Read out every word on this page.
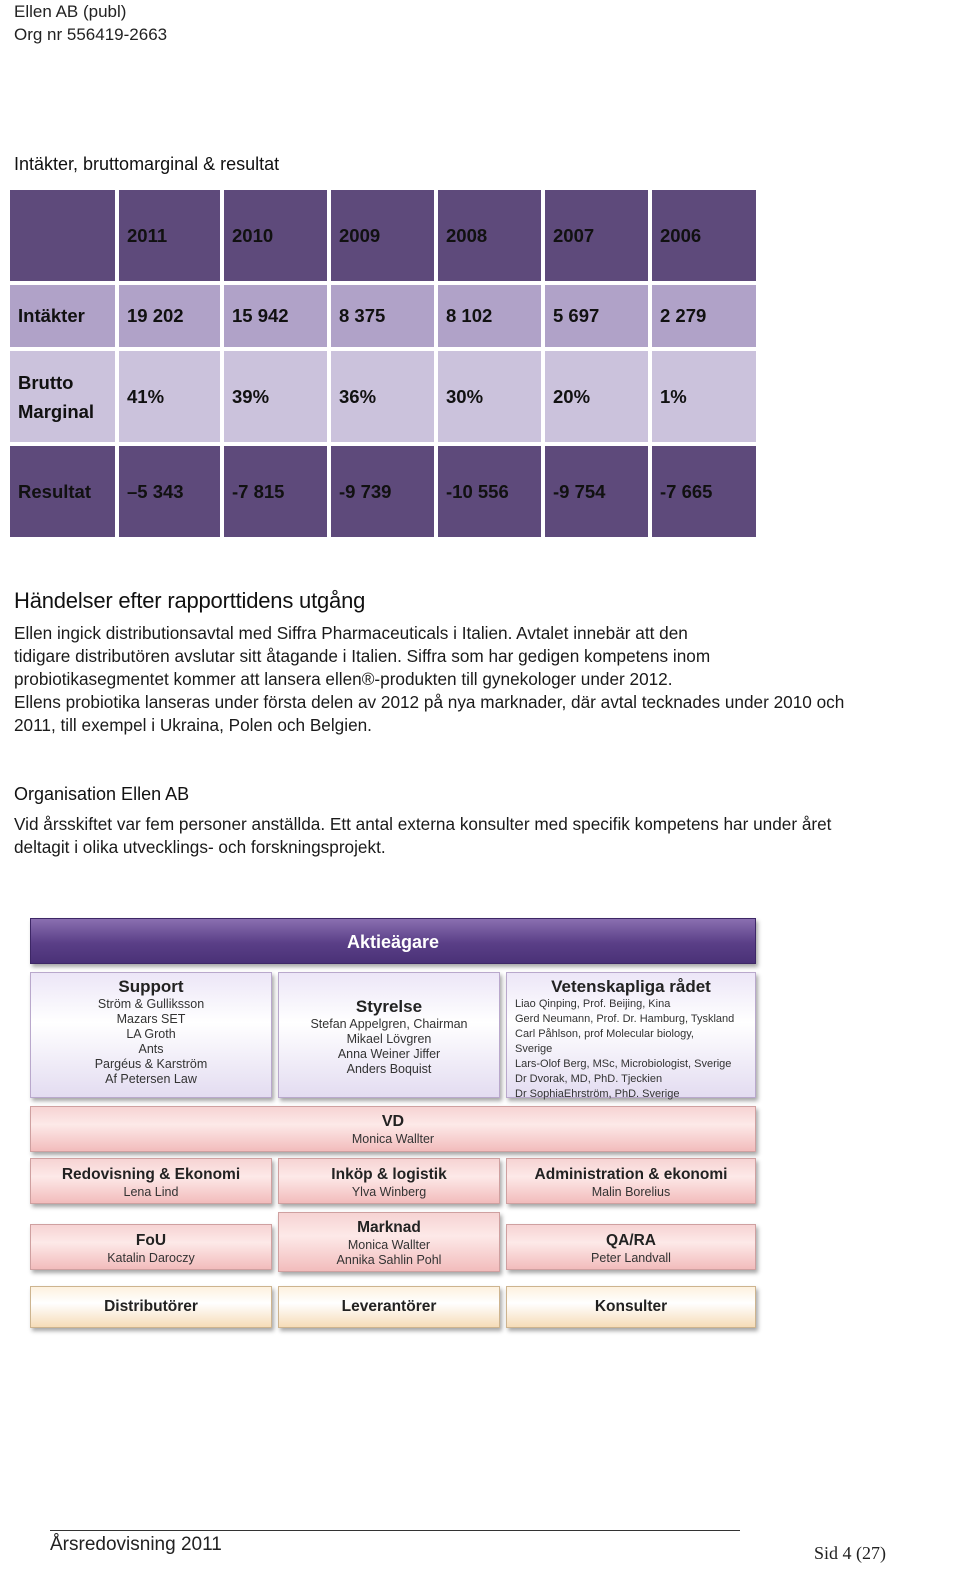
Ellen AB (publ)
Org nr 556419-2663
Intäkter, bruttomarginal & resultat
	2011	2010	2009	2008	2007	2006
Intäkter	19 202	15 942	8 375	8 102	5 697	2 279

Brutto
Marginal	41%	39%	36%	30%	20%	1%
Resultat	–5 343	-7 815	-9 739	-10 556	-9 754	-7 665
Händelser efter rapporttidens utgång
Ellen ingick distributionsavtal med Siffra Pharmaceuticals i Italien. Avtalet innebär att den
tidigare distributören avslutar sitt åtagande i Italien. Siffra som har gedigen kompetens inom
probiotikasegmentet kommer att lansera ellen®-produkten till gynekologer under 2012.
Ellens probiotika lanseras under första delen av 2012 på nya marknader, där avtal tecknades under 2010 och
2011, till exempel i Ukraina, Polen och Belgien.
Organisation Ellen AB
Vid årsskiftet var fem personer anställda. Ett antal externa konsulter med specifik kompetens har under året
deltagit i olika utvecklings- och forskningsprojekt.
Aktieägare
Support
Ström & Gulliksson
Mazars SET
LA Groth
Ants
Pargéus & Karström
Af Petersen Law
Styrelse
Stefan Appelgren, Chairman
Mikael Lövgren
Anna Weiner Jiffer
Anders Boquist
Vetenskapliga rådet
Liao Qinping, Prof. Beijing, Kina
Gerd Neumann, Prof. Dr. Hamburg, Tyskland
Carl Påhlson, prof Molecular biology,
Sverige
Lars-Olof Berg, MSc, Microbiologist, Sverige
Dr Dvorak, MD, PhD. Tjeckien
Dr SophiaEhrström, PhD. Sverige
VD
Monica Wallter
Redovisning & Ekonomi
Lena Lind
Inköp & logistik
Ylva Winberg
Administration & ekonomi
Malin Borelius
FoU
Katalin Daroczy
Marknad
Monica Wallter
Annika Sahlin Pohl
QA/RA
Peter Landvall
Distributörer	Leverantörer	Konsulter
Årsredovisning 2011	Sid 4 (27)
